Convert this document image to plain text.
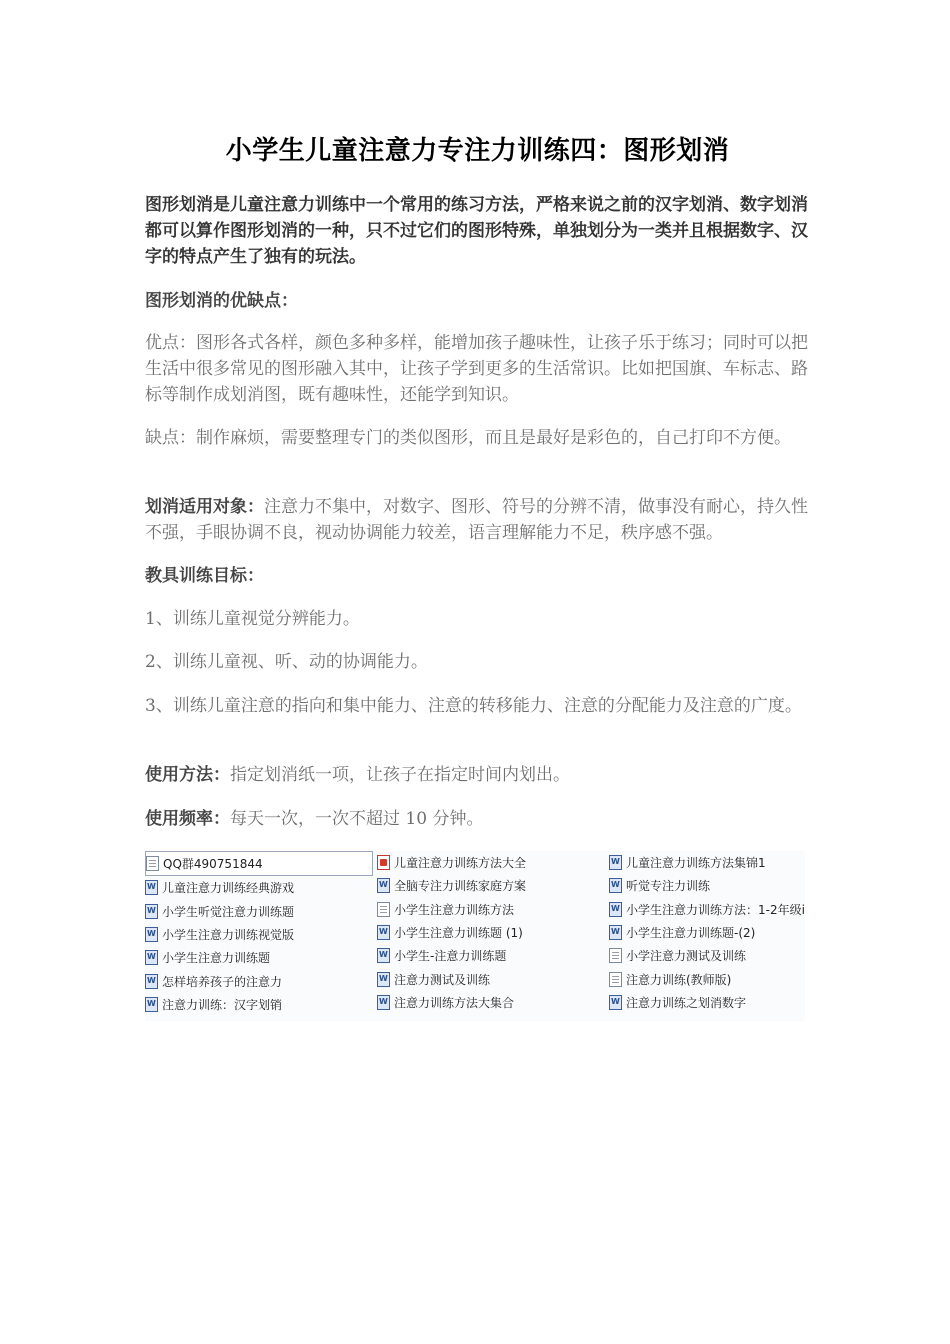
小学生儿童注意力专注力训练四：图形划消

图形划消是儿童注意力训练中一个常用的练习方法，严格来说之前的汉字划消、数字划消都可以算作图形划消的一种，只不过它们的图形特殊，单独划分为一类并且根据数字、汉字的特点产生了独有的玩法。

图形划消的优缺点：

优点：图形各式各样，颜色多种多样，能增加孩子趣味性，让孩子乐于练习；同时可以把生活中很多常见的图形融入其中，让孩子学到更多的生活常识。比如把国旗、车标志、路标等制作成划消图，既有趣味性，还能学到知识。

缺点：制作麻烦，需要整理专门的类似图形，而且是最好是彩色的，自己打印不方便。

划消适用对象：注意力不集中，对数字、图形、符号的分辨不清，做事没有耐心，持久性不强，手眼协调不良，视动协调能力较差，语言理解能力不足，秩序感不强。

教具训练目标：

1、训练儿童视觉分辨能力。

2、训练儿童视、听、动的协调能力。

3、训练儿童注意的指向和集中能力、注意的转移能力、注意的分配能力及注意的广度。

使用方法：指定划消纸一项，让孩子在指定时间内划出。

使用频率：每天一次，一次不超过 10 分钟。

QQ群490751844
W
儿童注意力训练经典游戏
W
小学生听觉注意力训练题
W
小学生注意力训练视觉版
W
小学生注意力训练题
W
怎样培养孩子的注意力
W
注意力训练：汉字划销
儿童注意力训练方法大全
W
全脑专注力训练家庭方案
小学生注意力训练方法
W
小学生注意力训练题 (1)
W
小学生-注意力训练题
W
注意力测试及训练
W
注意力训练方法大集合
W
儿童注意力训练方法集锦1
W
听觉专注力训练
W
小学生注意力训练方法：1-2年级i
W
小学生注意力训练题-(2)
小学注意力测试及训练
注意力训练(教师版)
W
注意力训练之划消数字
